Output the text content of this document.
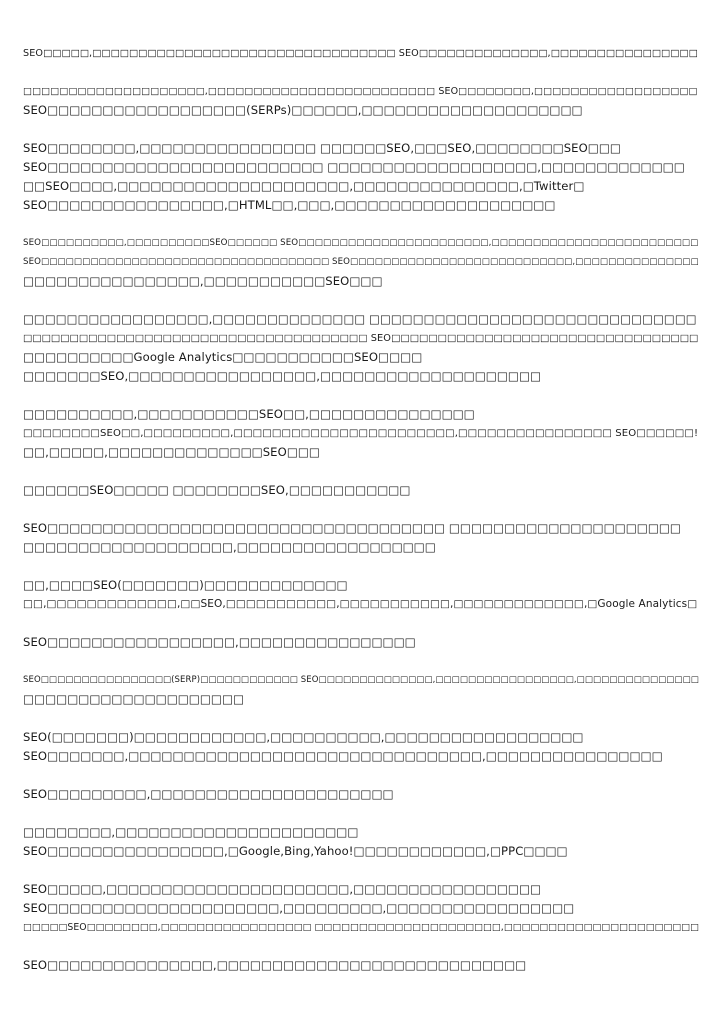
SEO□□□□□,□□□□□□□□□□□□□□□□□□□□□□□□□□□□□□□□□ SEO□□□□□□□□□□□□□□,□□□□□□□□□□□□□□□□
□□□□□□□□□□□□□□□□□□□□,□□□□□□□□□□□□□□□□□□□□□□□□□ SEO□□□□□□□□,□□□□□□□□□□□□□□□□□□
SEO□□□□□□□□□□□□□□□□□□(SERPs)□□□□□□,□□□□□□□□□□□□□□□□□□□□
SEO□□□□□□□□,□□□□□□□□□□□□□□□□ □□□□□□SEO,□□□SEO,□□□□□□□□SEO□□□
SEO□□□□□□□□□□□□□□□□□□□□□□□□□ □□□□□□□□□□□□□□□□□□□,□□□□□□□□□□□□□
□□SEO□□□□,□□□□□□□□□□□□□□□□□□□□□,□□□□□□□□□□□□□□□,□Twitter□
SEO□□□□□□□□□□□□□□□□,□HTML□□,□□□,□□□□□□□□□□□□□□□□□□□□
SEO□□□□□□□□□□,□□□□□□□□□□SEO□□□□□□ SEO□□□□□□□□□□□□□□□□□□□□□□□,□□□□□□□□□□□□□□□□□□□□□□□□□
SEO□□□□□□□□□□□□□□□□□□□□□□□□□□□□□□□□□□□ SEO□□□□□□□□□□□□□□□□□□□□□□□□□□□,□□□□□□□□□□□□□□□
□□□□□□□□□□□□□□□□,□□□□□□□□□□□SEO□□□
□□□□□□□□□□□□□□□□□,□□□□□□□□□□□□□□ □□□□□□□□□□□□□□□□□□□□□□□□□□□□□□
□□□□□□□□□□□□□□□□□□□□□□□□□□□□□□□□□□□□□ SEO□□□□□□□□□□□□□□□□□□□□□□□□□□□□□□□□□
□□□□□□□□□□Google Analytics□□□□□□□□□□□SEO□□□□
□□□□□□□SEO,□□□□□□□□□□□□□□□□□,□□□□□□□□□□□□□□□□□□□□
□□□□□□□□□□,□□□□□□□□□□□SEO□□,□□□□□□□□□□□□□□□
□□□□□□□□SEO□□,□□□□□□□□□,□□□□□□□□□□□□□□□□□□□□□□□,□□□□□□□□□□□□□□□□ SEO□□□□□□!
□□,□□□□□,□□□□□□□□□□□□□□SEO□□□
□□□□□□SEO□□□□□ □□□□□□□□SEO,□□□□□□□□□□□
SEO□□□□□□□□□□□□□□□□□□□□□□□□□□□□□□□□□□□□ □□□□□□□□□□□□□□□□□□□□□
□□□□□□□□□□□□□□□□□□□,□□□□□□□□□□□□□□□□□□
□□,□□□□SEO(□□□□□□□)□□□□□□□□□□□□□
□□,□□□□□□□□□□□□□,□□SEO,□□□□□□□□□□□,□□□□□□□□□□□,□□□□□□□□□□□□□,□Google Analytics□
SEO□□□□□□□□□□□□□□□□□,□□□□□□□□□□□□□□□□
SEO□□□□□□□□□□□□□□□□(SERP)□□□□□□□□□□□□ SEO□□□□□□□□□□□□□□,□□□□□□□□□□□□□□□□□,□□□□□□□□□□□□□□□
□□□□□□□□□□□□□□□□□□□□
SEO(□□□□□□□)□□□□□□□□□□□□,□□□□□□□□□□,□□□□□□□□□□□□□□□□□□
SEO□□□□□□□,□□□□□□□□□□□□□□□□□□□□□□□□□□□□□□□□,□□□□□□□□□□□□□□□□
SEO□□□□□□□□□,□□□□□□□□□□□□□□□□□□□□□□
□□□□□□□□,□□□□□□□□□□□□□□□□□□□□□□
SEO□□□□□□□□□□□□□□□□,□Google,Bing,Yahoo!□□□□□□□□□□□□,□PPC□□□□
SEO□□□□□,□□□□□□□□□□□□□□□□□□□□□□,□□□□□□□□□□□□□□□□□
SEO□□□□□□□□□□□□□□□□□□□□□,□□□□□□□□□,□□□□□□□□□□□□□□□□□
□□□□□SEO□□□□□□□□,□□□□□□□□□□□□□□□□□ □□□□□□□□□□□□□□□□□□□□□,□□□□□□□□□□□□□□□□□□□□□□
SEO□□□□□□□□□□□□□□□,□□□□□□□□□□□□□□□□□□□□□□□□□□□□
